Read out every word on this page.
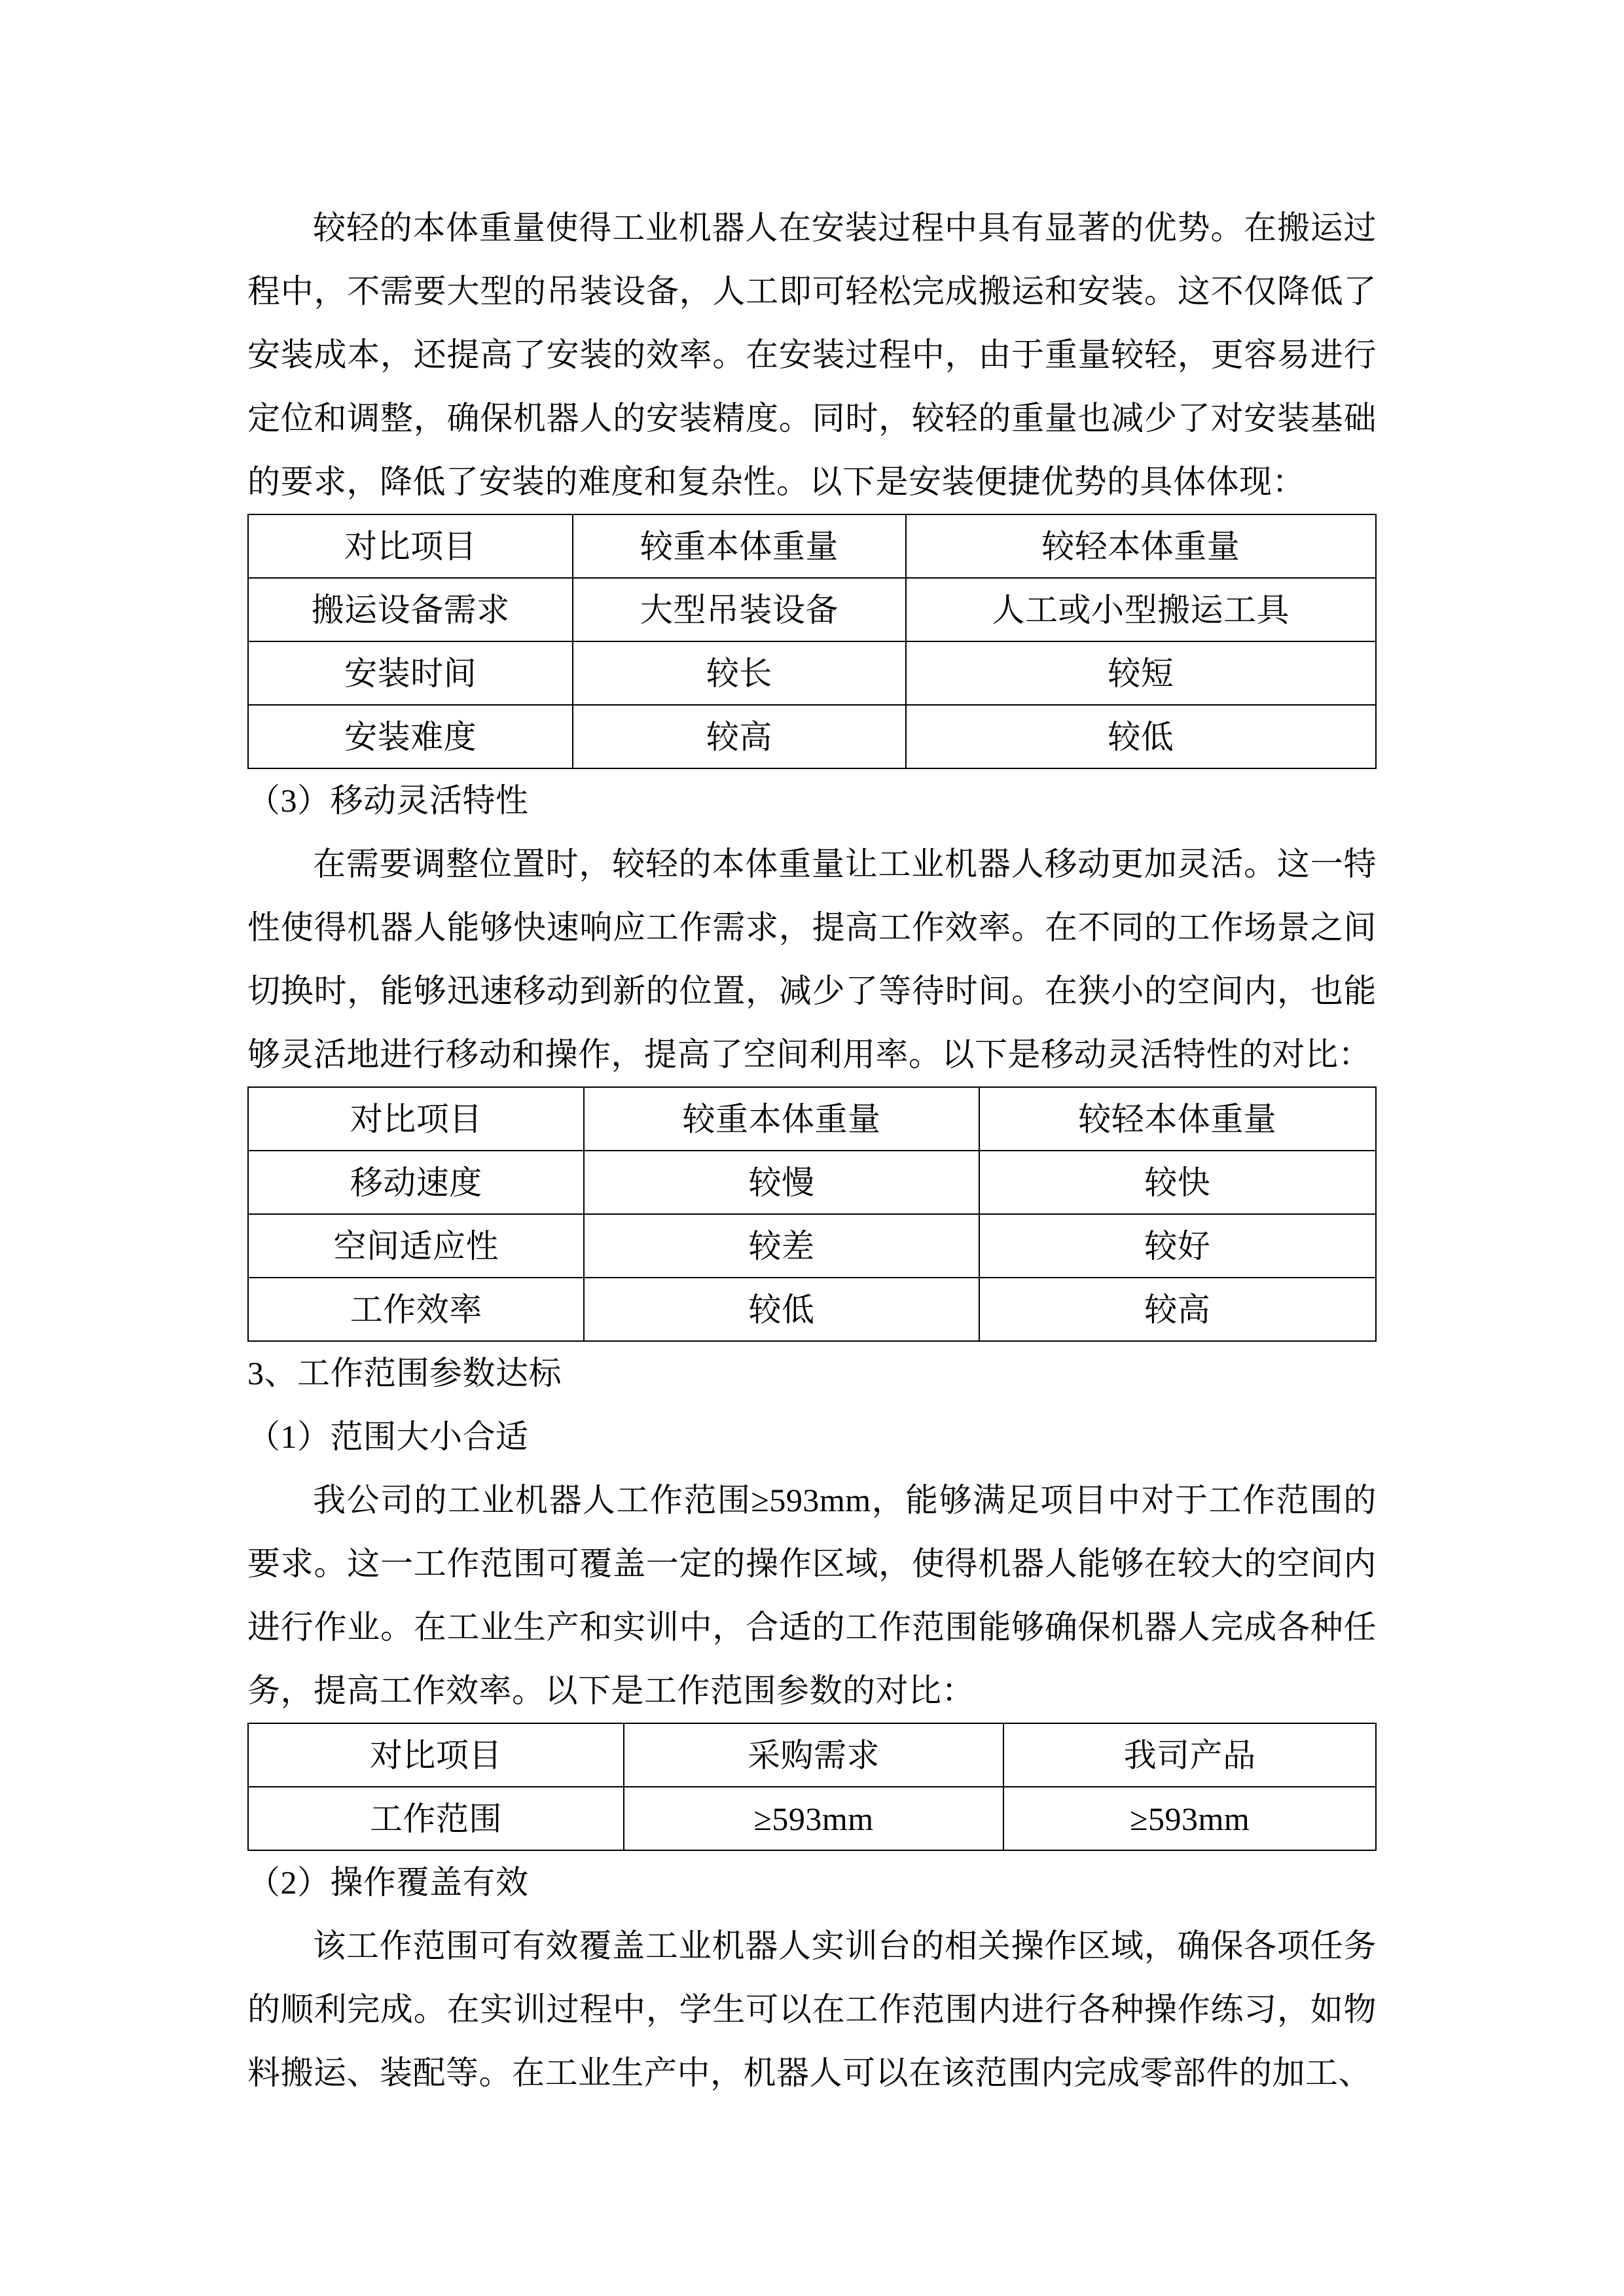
较轻的本体重量使得工业机器人在安装过程中具有显著的优势。在搬运过程中，不需要大型的吊装设备，人工即可轻松完成搬运和安装。这不仅降低了安装成本，还提高了安装的效率。在安装过程中，由于重量较轻，更容易进行定位和调整，确保机器人的安装精度。同时，较轻的重量也减少了对安装基础的要求，降低了安装的难度和复杂性。以下是安装便捷优势的具体体现：

对比项目	较重本体重量	较轻本体重量
搬运设备需求	大型吊装设备	人工或小型搬运工具
安装时间	较长	较短
安装难度	较高	较低

（3）移动灵活特性

在需要调整位置时，较轻的本体重量让工业机器人移动更加灵活。这一特性使得机器人能够快速响应工作需求，提高工作效率。在不同的工作场景之间切换时，能够迅速移动到新的位置，减少了等待时间。在狭小的空间内，也能够灵活地进行移动和操作，提高了空间利用率。以下是移动灵活特性的对比：

对比项目	较重本体重量	较轻本体重量
移动速度	较慢	较快
空间适应性	较差	较好
工作效率	较低	较高

3、工作范围参数达标

（1）范围大小合适

我公司的工业机器人工作范围≥593mm，能够满足项目中对于工作范围的要求。这一工作范围可覆盖一定的操作区域，使得机器人能够在较大的空间内进行作业。在工业生产和实训中，合适的工作范围能够确保机器人完成各种任务，提高工作效率。以下是工作范围参数的对比：

对比项目	采购需求	我司产品
工作范围	≥593mm	≥593mm

（2）操作覆盖有效

该工作范围可有效覆盖工业机器人实训台的相关操作区域，确保各项任务的顺利完成。在实训过程中，学生可以在工作范围内进行各种操作练习，如物料搬运、装配等。在工业生产中，机器人可以在该范围内完成零部件的加工、
